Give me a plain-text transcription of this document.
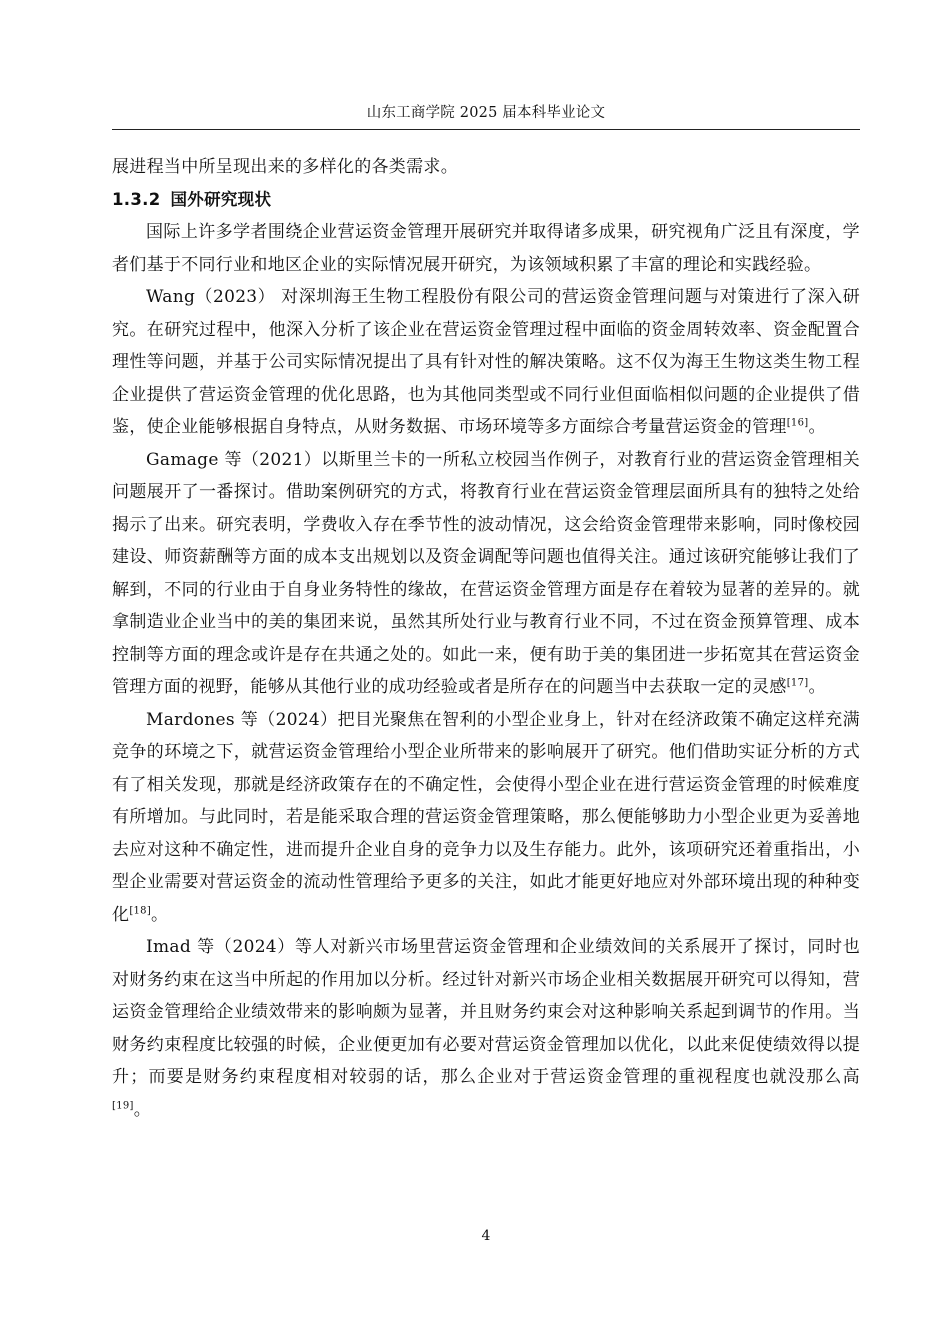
山东工商学院 2025 届本科毕业论文

展进程当中所呈现出来的多样化的各类需求。

1.3.2 国外研究现状

国际上许多学者围绕企业营运资金管理开展研究并取得诸多成果，研究视角广泛且有深度，学者们基于不同行业和地区企业的实际情况展开研究，为该领域积累了丰富的理论和实践经验。

Wang（2023） 对深圳海王生物工程股份有限公司的营运资金管理问题与对策进行了深入研究。在研究过程中，他深入分析了该企业在营运资金管理过程中面临的资金周转效率、资金配置合理性等问题，并基于公司实际情况提出了具有针对性的解决策略。这不仅为海王生物这类生物工程企业提供了营运资金管理的优化思路，也为其他同类型或不同行业但面临相似问题的企业提供了借鉴，使企业能够根据自身特点，从财务数据、市场环境等多方面综合考量营运资金的管理[16]。

Gamage 等（2021）以斯里兰卡的一所私立校园当作例子，对教育行业的营运资金管理相关问题展开了一番探讨。借助案例研究的方式，将教育行业在营运资金管理层面所具有的独特之处给揭示了出来。研究表明，学费收入存在季节性的波动情况，这会给资金管理带来影响，同时像校园建设、师资薪酬等方面的成本支出规划以及资金调配等问题也值得关注。通过该研究能够让我们了解到，不同的行业由于自身业务特性的缘故，在营运资金管理方面是存在着较为显著的差异的。就拿制造业企业当中的美的集团来说，虽然其所处行业与教育行业不同，不过在资金预算管理、成本控制等方面的理念或许是存在共通之处的。如此一来，便有助于美的集团进一步拓宽其在营运资金管理方面的视野，能够从其他行业的成功经验或者是所存在的问题当中去获取一定的灵感[17]。

Mardones 等（2024）把目光聚焦在智利的小型企业身上，针对在经济政策不确定这样充满竞争的环境之下，就营运资金管理给小型企业所带来的影响展开了研究。他们借助实证分析的方式有了相关发现，那就是经济政策存在的不确定性，会使得小型企业在进行营运资金管理的时候难度有所增加。与此同时，若是能采取合理的营运资金管理策略，那么便能够助力小型企业更为妥善地去应对这种不确定性，进而提升企业自身的竞争力以及生存能力。此外，该项研究还着重指出，小型企业需要对营运资金的流动性管理给予更多的关注，如此才能更好地应对外部环境出现的种种变化[18]。

Imad 等（2024）等人对新兴市场里营运资金管理和企业绩效间的关系展开了探讨，同时也对财务约束在这当中所起的作用加以分析。经过针对新兴市场企业相关数据展开研究可以得知，营运资金管理给企业绩效带来的影响颇为显著，并且财务约束会对这种影响关系起到调节的作用。当财务约束程度比较强的时候，企业便更加有必要对营运资金管理加以优化，以此来促使绩效得以提升；而要是财务约束程度相对较弱的话，那么企业对于营运资金管理的重视程度也就没那么高[19]。

4
